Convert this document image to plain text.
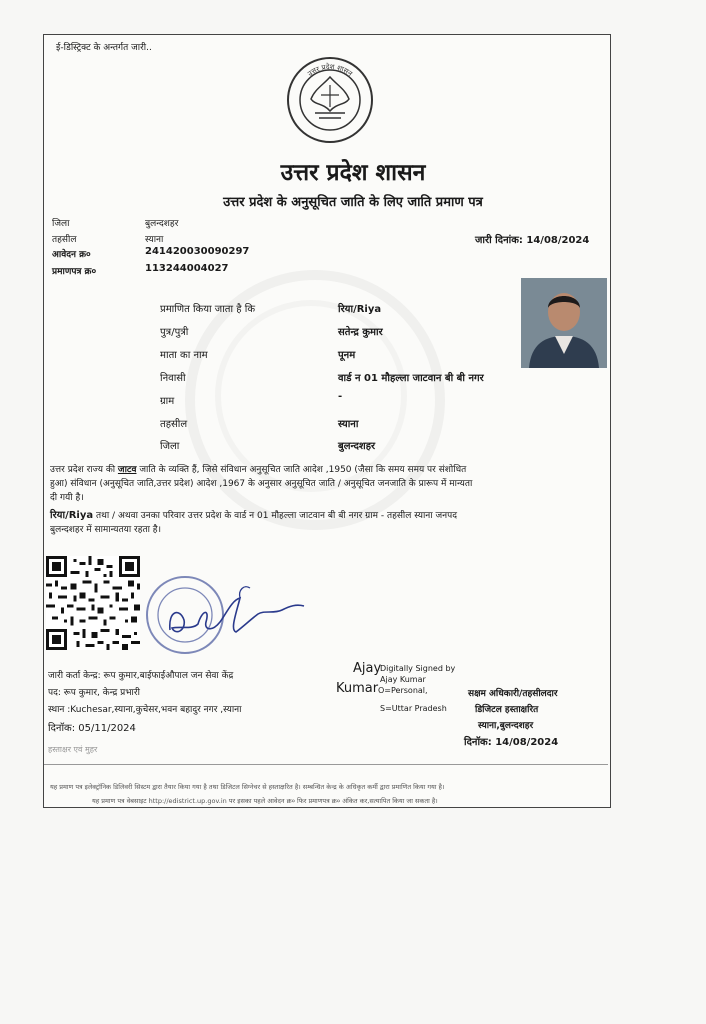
ई-डिस्ट्रिक्ट के अन्तर्गत जारी..
उत्तर प्रदेश शासन
उत्तर प्रदेश शासन
उत्तर प्रदेश के अनुसूचित जाति के लिए जाति प्रमाण पत्र
जिला	बुलन्दशहर
तहसील	स्याना
आवेदन क्र०	241420030090297
प्रमाणपत्र क्र०	113244004027
जारी दिनांक: 14/08/2024
प्रमाणित किया जाता है कि	रिया/Riya
पुत्र/पुत्री	सतेन्द्र कुमार
माता का नाम	पूनम
निवासी	वार्ड न 01 मौहल्ला जाटवान बी बी नगर
ग्राम	-
तहसील	स्याना
जिला	बुलन्दशहर
उत्तर प्रदेश राज्य की जाटव जाति के व्यक्ति हैं, जिसे संविधान अनुसूचित जाति आदेश ,1950 (जैसा कि समय समय पर संशोधित
हुआ) संविधान (अनुसूचित जाति,उत्तर प्रदेश) आदेश ,1967 के अनुसार अनुसूचित जाति / अनुसूचित जनजाति के प्रारूप में मान्यता
दी गयी है।
रिया/Riya तथा / अथवा उनका परिवार उत्तर प्रदेश के वार्ड न 01 मौहल्ला जाटवान बी बी नगर ग्राम - तहसील स्याना जनपद
बुलन्दशहर में सामान्यतया रहता है।
जारी कर्ता केन्द्र: रूप कुमार,बाईफाईऔपाल जन सेवा केंद्र
पद: रूप कुमार, केन्द्र प्रभारी
स्थान :Kuchesar,स्याना,कुचेसर,भवन बहादुर नगर ,स्याना
दिनॉक: 05/11/2024
हस्ताक्षर एवं मुहर
Ajay
Kumar
Digitally Signed by
Ajay Kumar
O=Personal,
S=Uttar Pradesh
सक्षम अधिकारी/तहसीलदार
डिजिटल हस्ताक्षरित
स्याना,बुलन्दशहर
दिनॉक: 14/08/2024
यह प्रमाण पत्र इलेक्ट्रॉनिक डिलिवरी सिस्टम द्वारा तैयार किया गया है तथा डिजिटल सिग्नेचर से हस्ताक्षरित है। सम्बन्धित केन्द्र के अधिकृत कर्मी द्वारा प्रमाणित किया गया है।
यह प्रमाण पत्र वेबसाइट http://edistrict.up.gov.in पर इसका पहले आवेदन क्र० फिर प्रमाणपत्र क्र० अंकित कर,सत्यापित किया जा सकता है।
